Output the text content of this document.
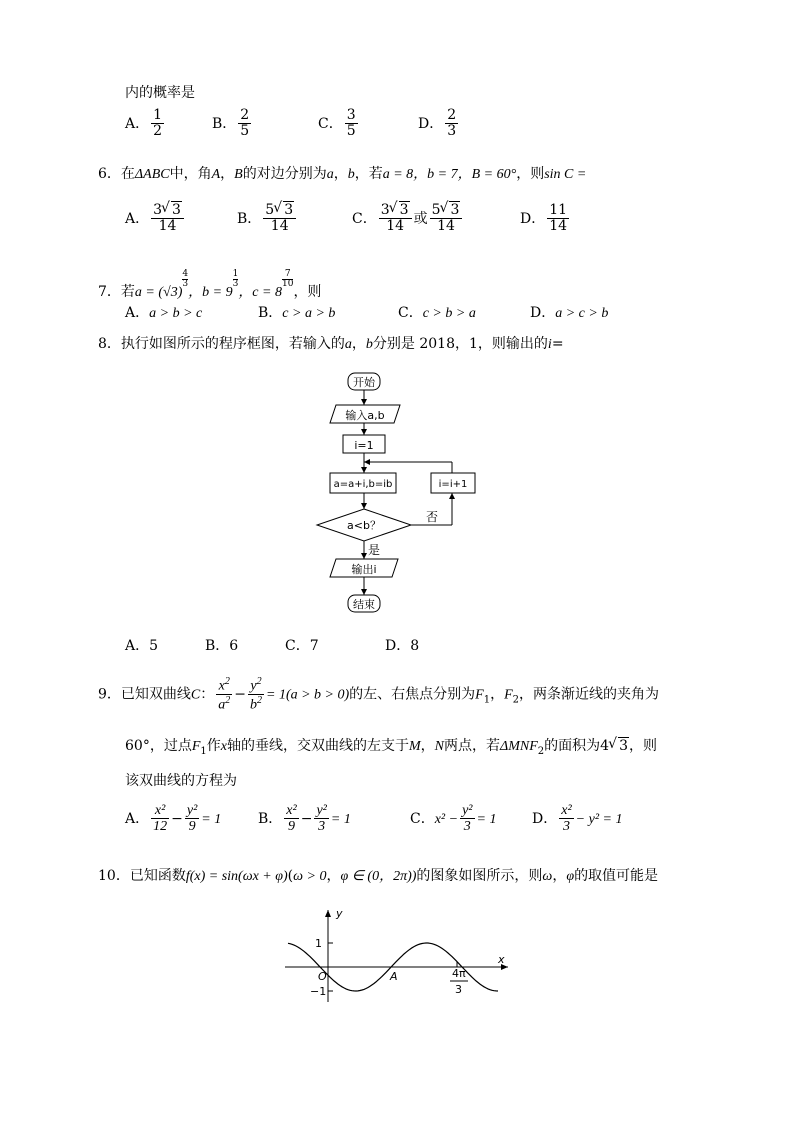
内的概率是
A． $\frac{1}{2}$	B． $\frac{2}{5}$	C． $\frac{3}{5}$	D． $\frac{2}{3}$
6．在ΔABC中，角A，B的对边分别为a，b，若a = 8，b = 7，B = 60°，则sin C =
A． $\frac{3 √ 3}{14}$	B． $\frac{5 √ 3}{14}$	C． $\frac{3 √ 3}{14}$ 或 $\frac{5 √ 3}{14}$	D． $\frac{11}{14}$
7．若a = (√3)
$\frac{4}{3}$
，b = 9
$\frac{1}{3}$
，c = 8
$\frac{7}{10}$
，则
A．a > b > c	B．c > a > b	C．c > b > a	D．a > c > b
8．执行如图所示的程序框图，若输入的a，b分别是 2018，1，则输出的i=
开始
输入a,b
i=1
a=a+i,b=ib	i=i+1
a<b？
否
是
输出i
结束
A．5	B．6	C．7	D．8
9．已知双曲线C： $\frac{x^2}{a^2} - \frac{y^2}{b^2} = 1(a > b > 0)$的左、右焦点分别为$F_1$，$F_2$，两条渐近线的夹角为
60°，过点$F_1$作x轴的垂线，交双曲线的左支于M，N两点，若$\Delta MNF_2$的面积为4 √ 3，则
该双曲线的方程为
A． $\frac{\text{x²}}{12} - \frac{\text{y²}}{9} = 1$	B． $\frac{\text{x²}}{9} - \frac{\text{y²}}{3} = 1$	C．$x^2 - \frac{\text{y²}}{3} = 1$	D． $\frac{\text{x²}}{3} - y^2 = 1$
10．已知函数f(x) = sin(ωx + φ)(ω > 0，φ ∈ (0，2π))的图象如图所示，则ω，φ的取值可能是
y
x
1
−1
O	A	4π
3
